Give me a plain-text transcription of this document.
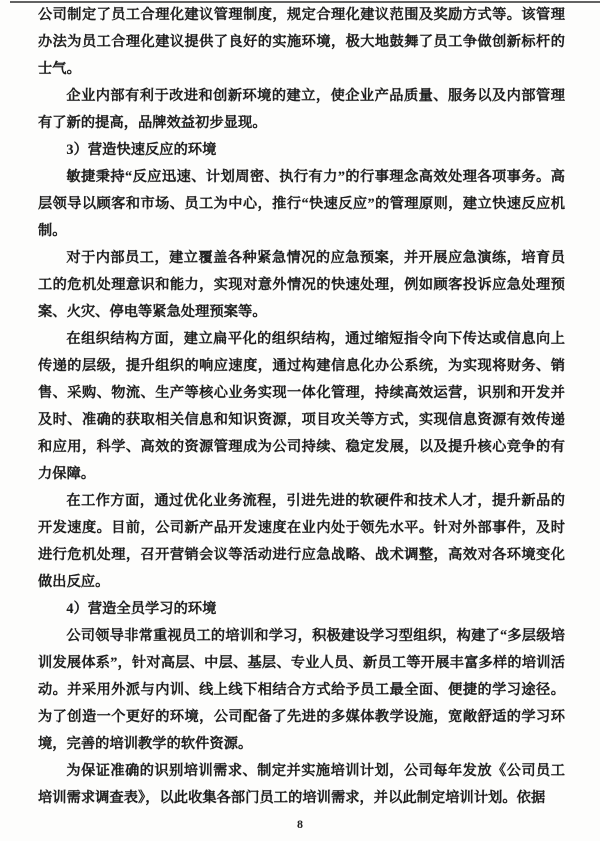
公司制定了员工合理化建议管理制度，规定合理化建议范围及奖励方式等。该管理办法为员工合理化建议提供了良好的实施环境，极大地鼓舞了员工争做创新标杆的士气。

企业内部有利于改进和创新环境的建立，使企业产品质量、服务以及内部管理有了新的提高，品牌效益初步显现。

3）营造快速反应的环境

敏捷秉持“反应迅速、计划周密、执行有力”的行事理念高效处理各项事务。高层领导以顾客和市场、员工为中心，推行“快速反应”的管理原则，建立快速反应机制。

对于内部员工，建立覆盖各种紧急情况的应急预案，并开展应急演练，培育员工的危机处理意识和能力，实现对意外情况的快速处理，例如顾客投诉应急处理预案、火灾、停电等紧急处理预案等。

在组织结构方面，建立扁平化的组织结构，通过缩短指令向下传达或信息向上传递的层级，提升组织的响应速度，通过构建信息化办公系统，为实现将财务、销售、采购、物流、生产等核心业务实现一体化管理，持续高效运营，识别和开发并及时、准确的获取相关信息和知识资源，项目攻关等方式，实现信息资源有效传递和应用，科学、高效的资源管理成为公司持续、稳定发展，以及提升核心竞争的有力保障。

在工作方面，通过优化业务流程，引进先进的软硬件和技术人才，提升新品的开发速度。目前，公司新产品开发速度在业内处于领先水平。针对外部事件，及时进行危机处理，召开营销会议等活动进行应急战略、战术调整，高效对各环境变化做出反应。

4）营造全员学习的环境

公司领导非常重视员工的培训和学习，积极建设学习型组织，构建了“多层级培训发展体系”，针对高层、中层、基层、专业人员、新员工等开展丰富多样的培训活动。并采用外派与内训、线上线下相结合方式给予员工最全面、便捷的学习途径。为了创造一个更好的环境，公司配备了先进的多媒体教学设施，宽敞舒适的学习环境，完善的培训教学的软件资源。

为保证准确的识别培训需求、制定并实施培训计划，公司每年发放《公司员工培训需求调查表》，以此收集各部门员工的培训需求，并以此制定培训计划。依据

8
